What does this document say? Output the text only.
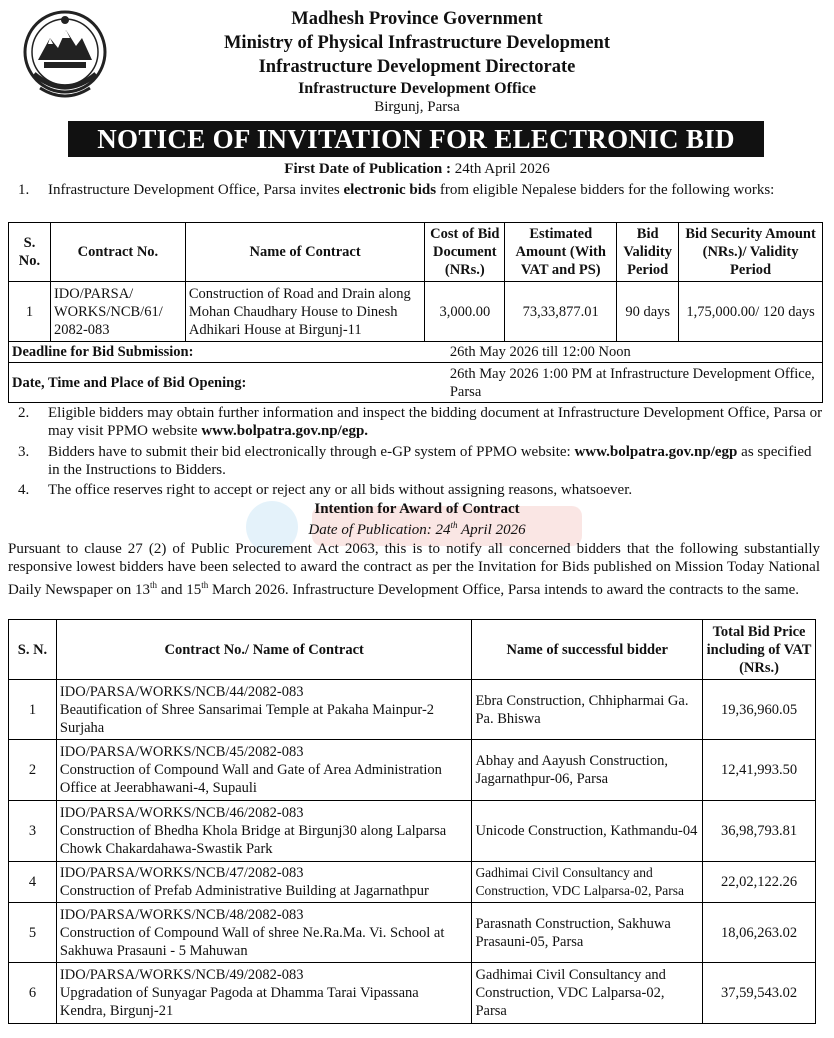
Madhesh Province Government
Ministry of Physical Infrastructure Development
Infrastructure Development Directorate
Infrastructure Development Office
Birgunj, Parsa
NOTICE OF INVITATION FOR ELECTRONIC BID
First Date of Publication : 24th April 2026

1. Infrastructure Development Office, Parsa invites electronic bids from eligible Nepalese bidders for the following works:

S. No.	Contract No.	Name of Contract	Cost of Bid Document (NRs.)	Estimated Amount (With VAT and PS)	Bid Validity Period	Bid Security Amount (NRs.)/ Validity Period
1	IDO/PARSA/ WORKS/NCB/61/ 2082-083	Construction of Road and Drain along Mohan Chaudhary House to Dinesh Adhikari House at Birgunj-11	3,000.00	73,33,877.01	90 days	1,75,000.00/ 120 days
Deadline for Bid Submission:			26th May 2026 till 12:00 Noon			
Date, Time and Place of Bid Opening:			26th May 2026 1:00 PM at Infrastructure Development Office, Parsa			

2. Eligible bidders may obtain further information and inspect the bidding document at Infrastructure Development Office, Parsa or may visit PPMO website www.bolpatra.gov.np/egp.

3. Bidders have to submit their bid electronically through e-GP system of PPMO website: www.bolpatra.gov.np/egp as specified in the Instructions to Bidders.

4. The office reserves right to accept or reject any or all bids without assigning reasons, whatsoever.

Intention for Award of Contract
Date of Publication: 24th April 2026

Pursuant to clause 27 (2) of Public Procurement Act 2063, this is to notify all concerned bidders that the following substantially responsive lowest bidders have been selected to award the contract as per the Invitation for Bids published on Mission Today National Daily Newspaper on 13th and 15th March 2026. Infrastructure Development Office, Parsa intends to award the contracts to the same.

S. N.	Contract No./ Name of Contract	Name of successful bidder	Total Bid Price including of VAT (NRs.)
1	IDO/PARSA/WORKS/NCB/44/2082-083
Beautification of Shree Sansarimai Temple at Pakaha Mainpur-2 Surjaha	Ebra Construction, Chhipharmai Ga. Pa. Bhiswa	19,36,960.05
2	IDO/PARSA/WORKS/NCB/45/2082-083
Construction of Compound Wall and Gate of Area Administration Office at Jeerabhawani-4, Supauli	Abhay and Aayush Construction, Jagarnathpur-06, Parsa	12,41,993.50
3	IDO/PARSA/WORKS/NCB/46/2082-083
Construction of Bhedha Khola Bridge at Birgunj30 along Lalparsa Chowk Chakardahawa-Swastik Park	Unicode Construction, Kathmandu-04	36,98,793.81
4	IDO/PARSA/WORKS/NCB/47/2082-083
Construction of Prefab Administrative Building at Jagarnathpur	Gadhimai Civil Consultancy and Construction, VDC Lalparsa-02, Parsa	22,02,122.26
5	IDO/PARSA/WORKS/NCB/48/2082-083
Construction of Compound Wall of shree Ne.Ra.Ma. Vi. School at Sakhuwa Prasauni - 5 Mahuwan	Parasnath Construction, Sakhuwa Prasauni-05, Parsa	18,06,263.02
6	IDO/PARSA/WORKS/NCB/49/2082-083
Upgradation of Sunyagar Pagoda at Dhamma Tarai Vipassana Kendra, Birgunj-21	Gadhimai Civil Consultancy and Construction, VDC Lalparsa-02, Parsa	37,59,543.02
